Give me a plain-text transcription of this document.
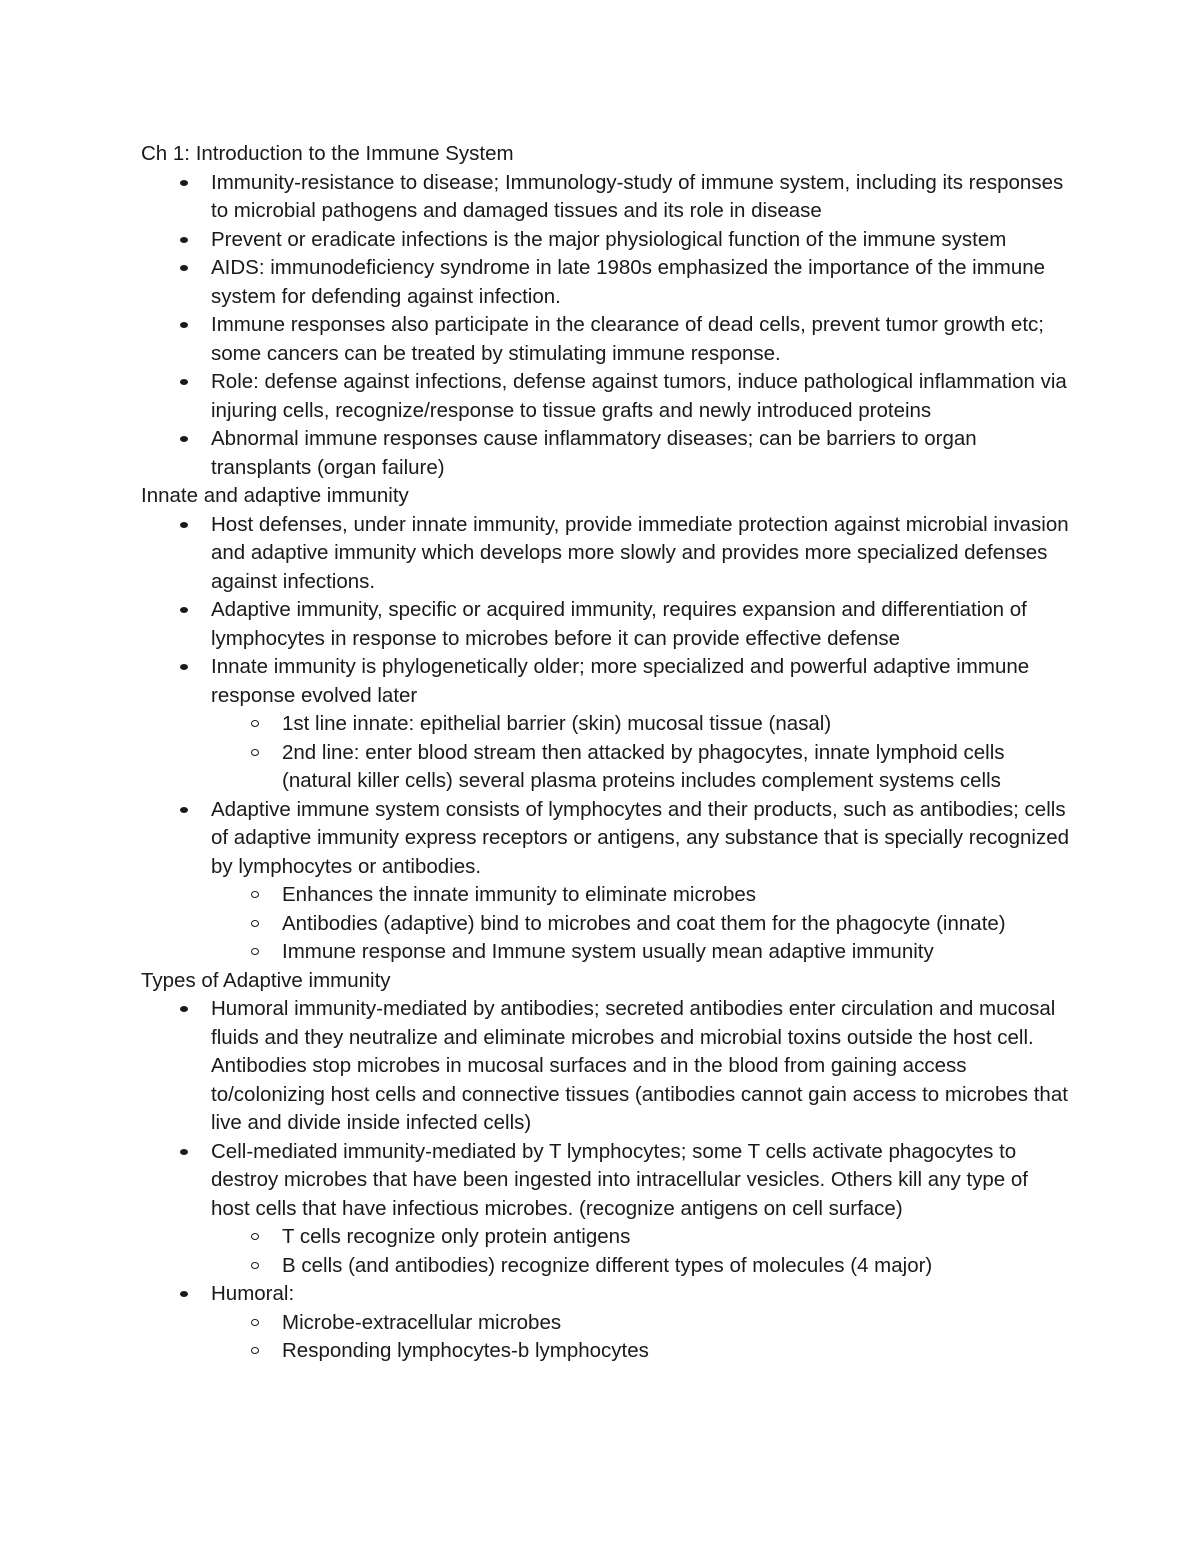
Ch 1: Introduction to the Immune System

Immunity-resistance to disease; Immunology-study of immune system, including its responses to microbial pathogens and damaged tissues and its role in disease
Prevent or eradicate infections is the major physiological function of the immune system
AIDS: immunodeficiency syndrome in late 1980s emphasized the importance of the immune system for defending against infection.
Immune responses also participate in the clearance of dead cells, prevent tumor growth etc; some cancers can be treated by stimulating immune response.
Role: defense against infections, defense against tumors, induce pathological inflammation via injuring cells, recognize/response to tissue grafts and newly introduced proteins
Abnormal immune responses cause inflammatory diseases; can be barriers to organ transplants (organ failure)

Innate and adaptive immunity

Host defenses, under innate immunity, provide immediate protection against microbial invasion and adaptive immunity which develops more slowly and provides more specialized defenses against infections.
Adaptive immunity, specific or acquired immunity, requires expansion and differentiation of lymphocytes in response to microbes before it can provide effective defense
Innate immunity is phylogenetically older; more specialized and powerful adaptive immune response evolved later
1st line innate: epithelial barrier (skin) mucosal tissue (nasal)
2nd line: enter blood stream then attacked by phagocytes, innate lymphoid cells (natural killer cells) several plasma proteins includes complement systems cells
Adaptive immune system consists of lymphocytes and their products, such as antibodies; cells of adaptive immunity express receptors or antigens, any substance that is specially recognized by lymphocytes or antibodies.
Enhances the innate immunity to eliminate microbes
Antibodies (adaptive) bind to microbes and coat them for the phagocyte (innate)
Immune response and Immune system usually mean adaptive immunity

Types of Adaptive immunity

Humoral immunity-mediated by antibodies; secreted antibodies enter circulation and mucosal fluids and they neutralize and eliminate microbes and microbial toxins outside the host cell. Antibodies stop microbes in mucosal surfaces and in the blood from gaining access to/colonizing host cells and connective tissues (antibodies cannot gain access to microbes that live and divide inside infected cells)
Cell-mediated immunity-mediated by T lymphocytes; some T cells activate phagocytes to destroy microbes that have been ingested into intracellular vesicles. Others kill any type of host cells that have infectious microbes. (recognize antigens on cell surface)
T cells recognize only protein antigens
B cells (and antibodies) recognize different types of molecules (4 major)
Humoral:
Microbe-extracellular microbes
Responding lymphocytes-b lymphocytes
